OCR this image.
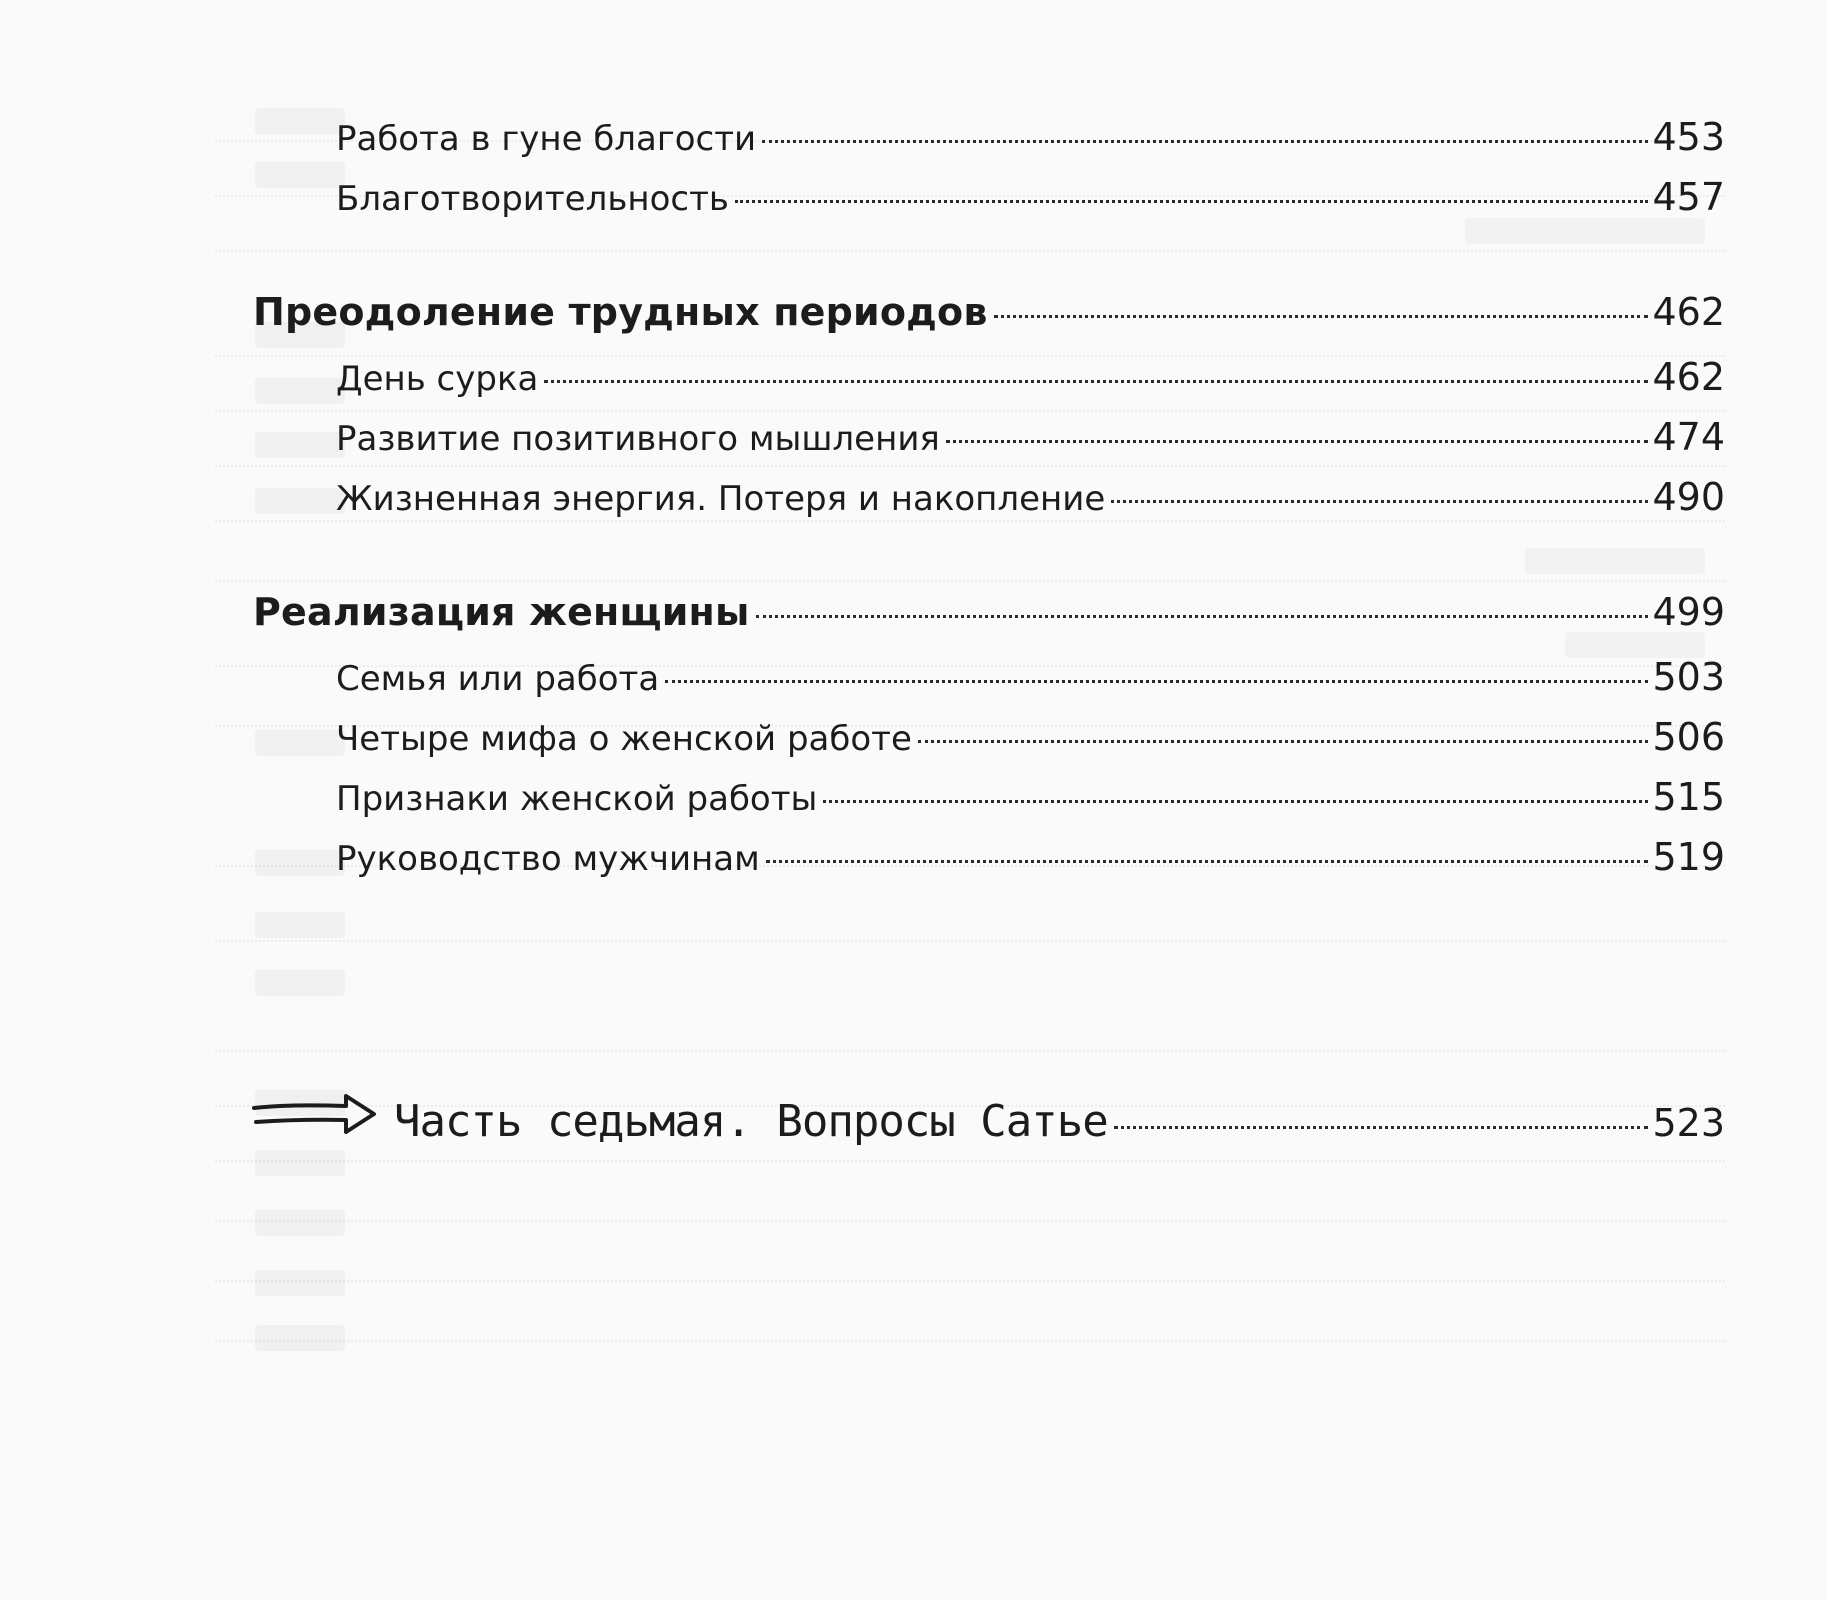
Работа в гуне благости	453
Благотворительность	457
Преодоление трудных периодов	462
День сурка	462
Развитие позитивного мышления	474
Жизненная энергия. Потеря и накопление	490
Реализация женщины	499
Семья или работа	503
Четыре мифа о женской работе	506
Признаки женской работы	515
Руководство мужчинам	519
Часть седьмая. Вопросы Сатье	523
